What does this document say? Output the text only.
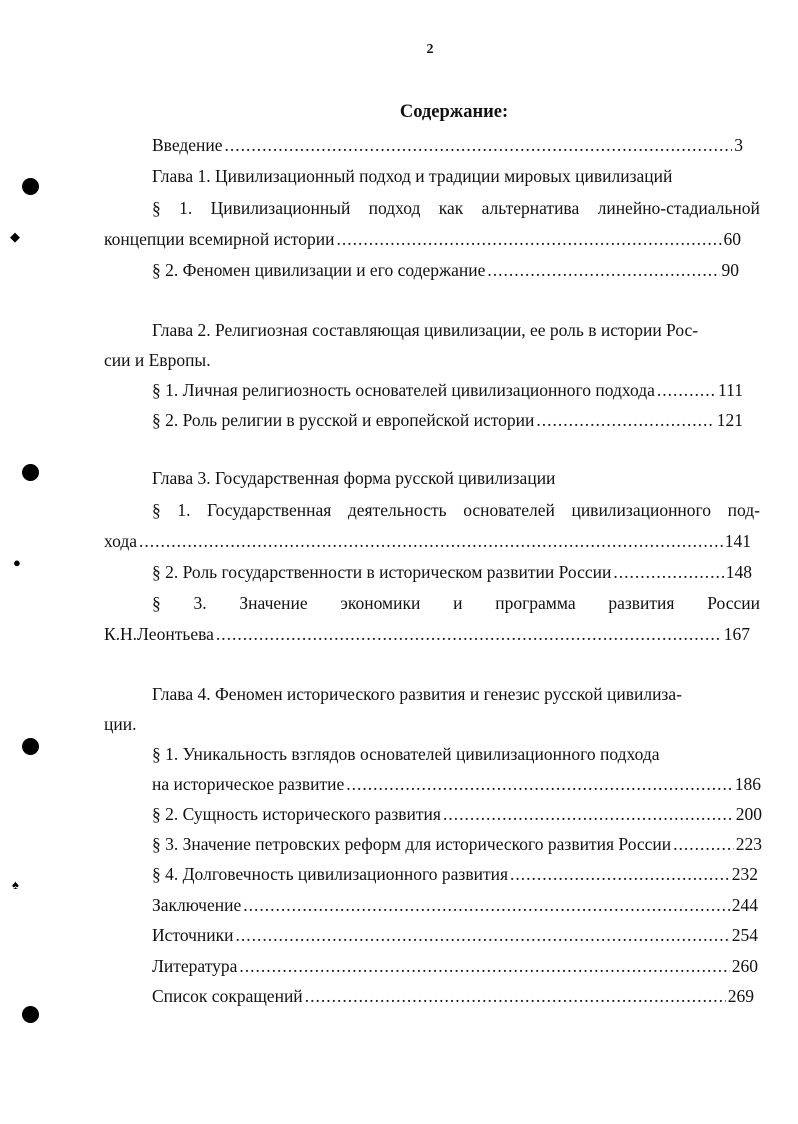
◆
●
♠
2
Содержание:
Введение .....	3
Глава 1. Цивилизационный подход и традиции мировых цивилизаций
§ 1. Цивилизационный подход как альтернатива линейно-стадиальной
концепции всемирной истории .....	60
§ 2. Феномен цивилизации и его содержание .....	90
Глава 2. Религиозная составляющая цивилизации, ее роль в истории Рос-
сии и Европы.
§ 1. Личная религиозность основателей цивилизационного подхода .....	111
§ 2. Роль религии в русской и европейской истории .....	121
Глава 3. Государственная форма русской цивилизации
§ 1. Государственная деятельность основателей цивилизационного под-
хода .....	141
§ 2. Роль государственности в историческом развитии России .....	148
§ 3. Значение экономики и программа развития России
К.Н.Леонтьева .....	167
Глава 4. Феномен исторического развития и генезис русской цивилиза-
ции.
§ 1. Уникальность взглядов основателей цивилизационного подхода
на историческое развитие .....	186
§ 2. Сущность исторического развития .....	200
§ 3. Значение петровских реформ для исторического развития России .....	223
§ 4. Долговечность цивилизационного развития .....	232
Заключение .....	244
Источники .....	254
Литература .....	260
Список сокращений .....	269
